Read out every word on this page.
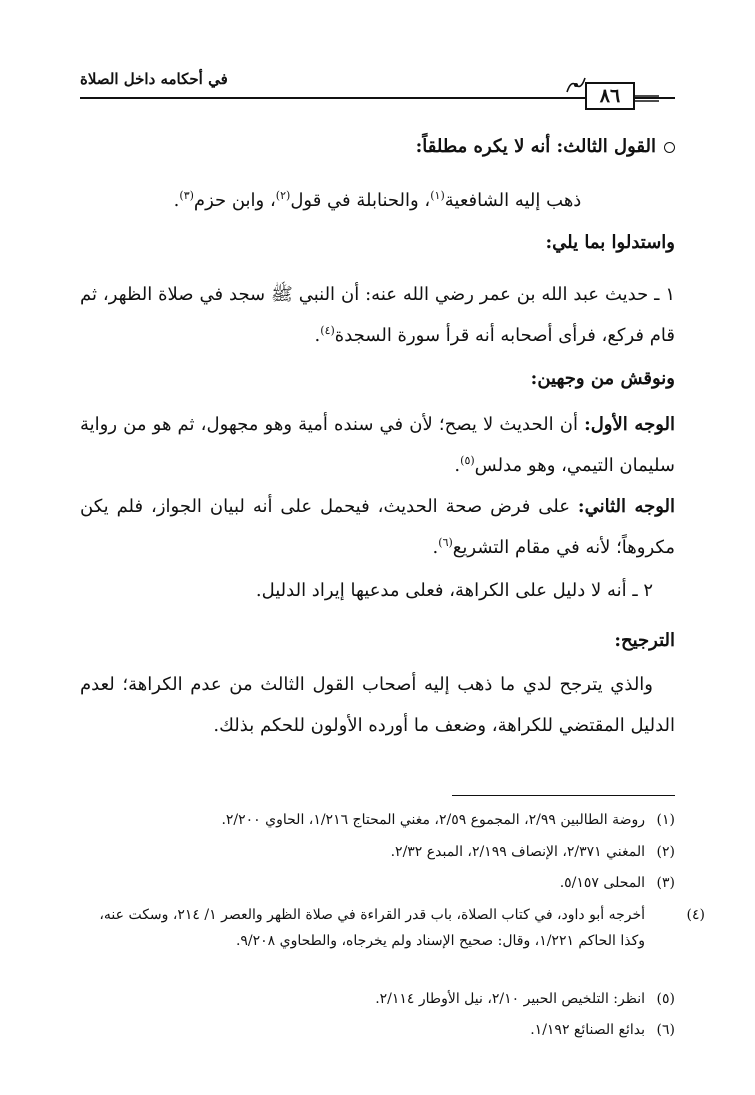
في أحكامه داخل الصلاة
٨٦
القول الثالث: أنه لا يكره مطلقاً:
ذهب إليه الشافعية$^{(١)}$، والحنابلة في قول$^{(٢)}$، وابن حزم$^{(٣)}$.
واستدلوا بما يلي:
١ ـ حديث عبد الله بن عمر رضي الله عنه: أن النبي ﷺ سجد في صلاة الظهر، ثم قام فركع، فرأى أصحابه أنه قرأ سورة السجدة$^{(٤)}$.
ونوقش من وجهين:
الوجه الأول: أن الحديث لا يصح؛ لأن في سنده أمية وهو مجهول، ثم هو من رواية سليمان التيمي، وهو مدلس$^{(٥)}$.
الوجه الثاني: على فرض صحة الحديث، فيحمل على أنه لبيان الجواز، فلم يكن مكروهاً؛ لأنه في مقام التشريع$^{(٦)}$.
٢ ـ أنه لا دليل على الكراهة، فعلى مدعيها إيراد الدليل.
الترجيح:
والذي يترجح لدي ما ذهب إليه أصحاب القول الثالث من عدم الكراهة؛ لعدم الدليل المقتضي للكراهة، وضعف ما أورده الأولون للحكم بذلك.
(١)روضة الطالبين ٢/٩٩، المجموع ٢/٥٩، مغني المحتاج ١/٢١٦، الحاوي ٢/٢٠٠.
(٢)المغني ٢/٣٧١، الإنصاف ٢/١٩٩، المبدع ٢/٣٢.
(٣)المحلى ٥/١٥٧.
(٤)أخرجه أبو داود، في كتاب الصلاة، باب قدر القراءة في صلاة الظهر والعصر ١/ ٢١٤، وسكت عنه، وكذا الحاكم ١/٢٢١، وقال: صحيح الإسناد ولم يخرجاه، والطحاوي ٩/٢٠٨.
(٥)انظر: التلخيص الحبير ٢/١٠، نيل الأوطار ٢/١١٤.
(٦)بدائع الصنائع ١/١٩٢.
